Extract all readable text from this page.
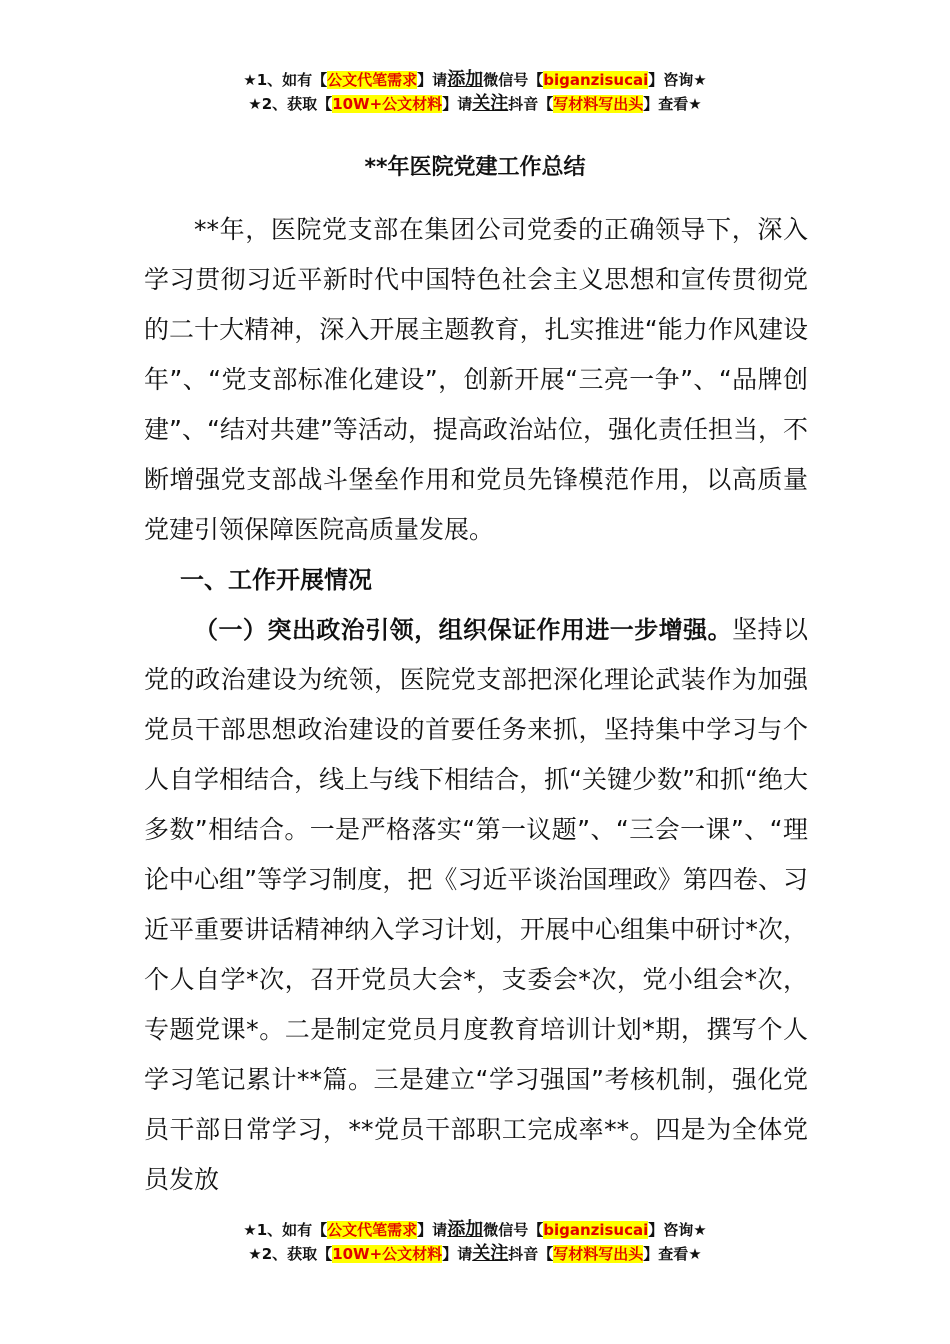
★1、如有【公文代笔需求】请添加微信号【biganzisucai】咨询★
★2、获取【10W+公文材料】请关注抖音【写材料写出头】查看★
**年医院党建工作总结

**年，医院党支部在集团公司党委的正确领导下，深入学习贯彻习近平新时代中国特色社会主义思想和宣传贯彻党的二十大精神，深入开展主题教育，扎实推进“能力作风建设年”、“党支部标准化建设”，创新开展“三亮一争”、“品牌创建”、“结对共建”等活动，提高政治站位，强化责任担当，不断增强党支部战斗堡垒作用和党员先锋模范作用，以高质量党建引领保障医院高质量发展。

一、工作开展情况

（一）突出政治引领，组织保证作用进一步增强。坚持以党的政治建设为统领，医院党支部把深化理论武装作为加强党员干部思想政治建设的首要任务来抓，坚持集中学习与个人自学相结合，线上与线下相结合，抓“关键少数”和抓“绝大多数”相结合。一是严格落实“第一议题”、“三会一课”、“理论中心组”等学习制度，把《习近平谈治国理政》第四卷、习近平重要讲话精神纳入学习计划，开展中心组集中研讨*次，个人自学*次，召开党员大会*，支委会*次，党小组会*次，专题党课*。二是制定党员月度教育培训计划*期，撰写个人学习笔记累计**篇。三是建立“学习强国”考核机制，强化党员干部日常学习，**党员干部职工完成率**。四是为全体党员发放

★1、如有【公文代笔需求】请添加微信号【biganzisucai】咨询★
★2、获取【10W+公文材料】请关注抖音【写材料写出头】查看★
